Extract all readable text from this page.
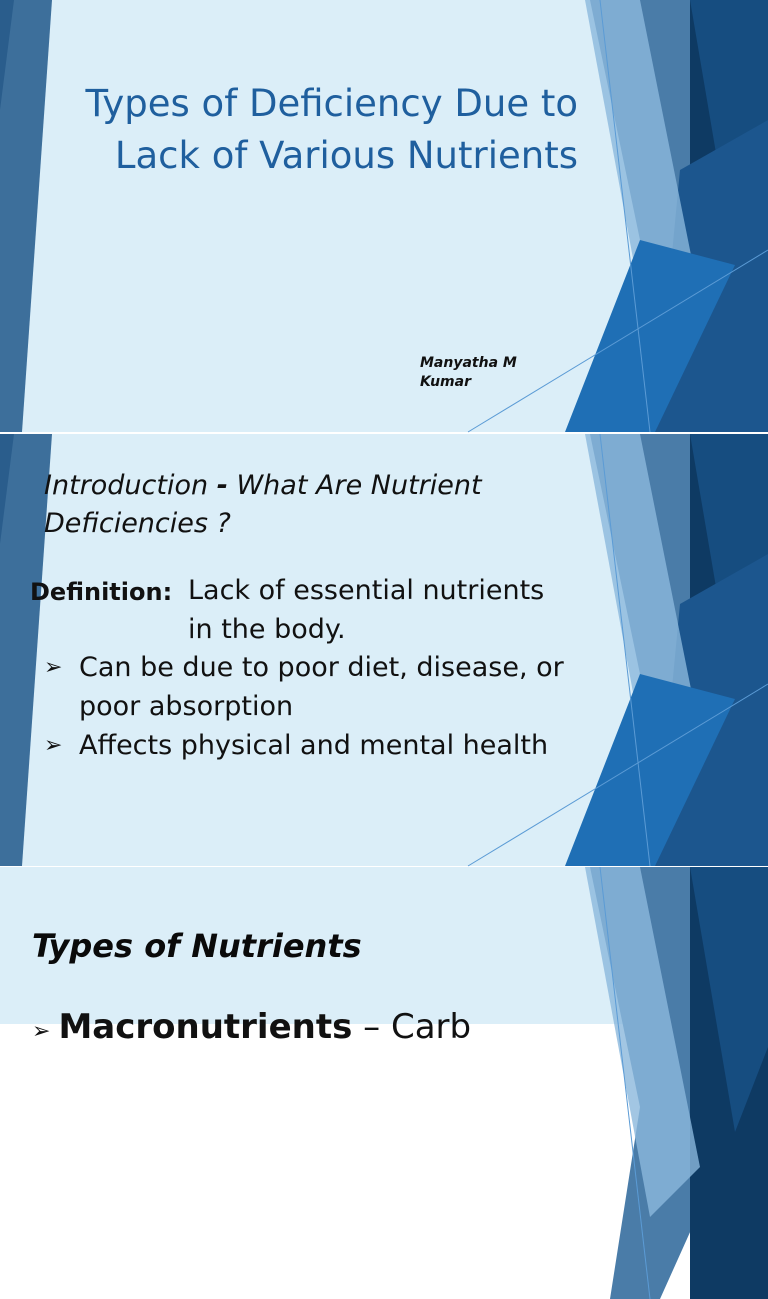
Types of Deficiency Due to Lack of Various Nutrients
Manyatha M
Kumar
Introduction - What Are Nutrient Deficiencies ?
Definition: Lack of essential nutrients in the body.
➢ Can be due to poor diet, disease, or poor absorption
➢ Affects physical and mental health
Types of Nutrients
➢ Macronutrients – Carb
